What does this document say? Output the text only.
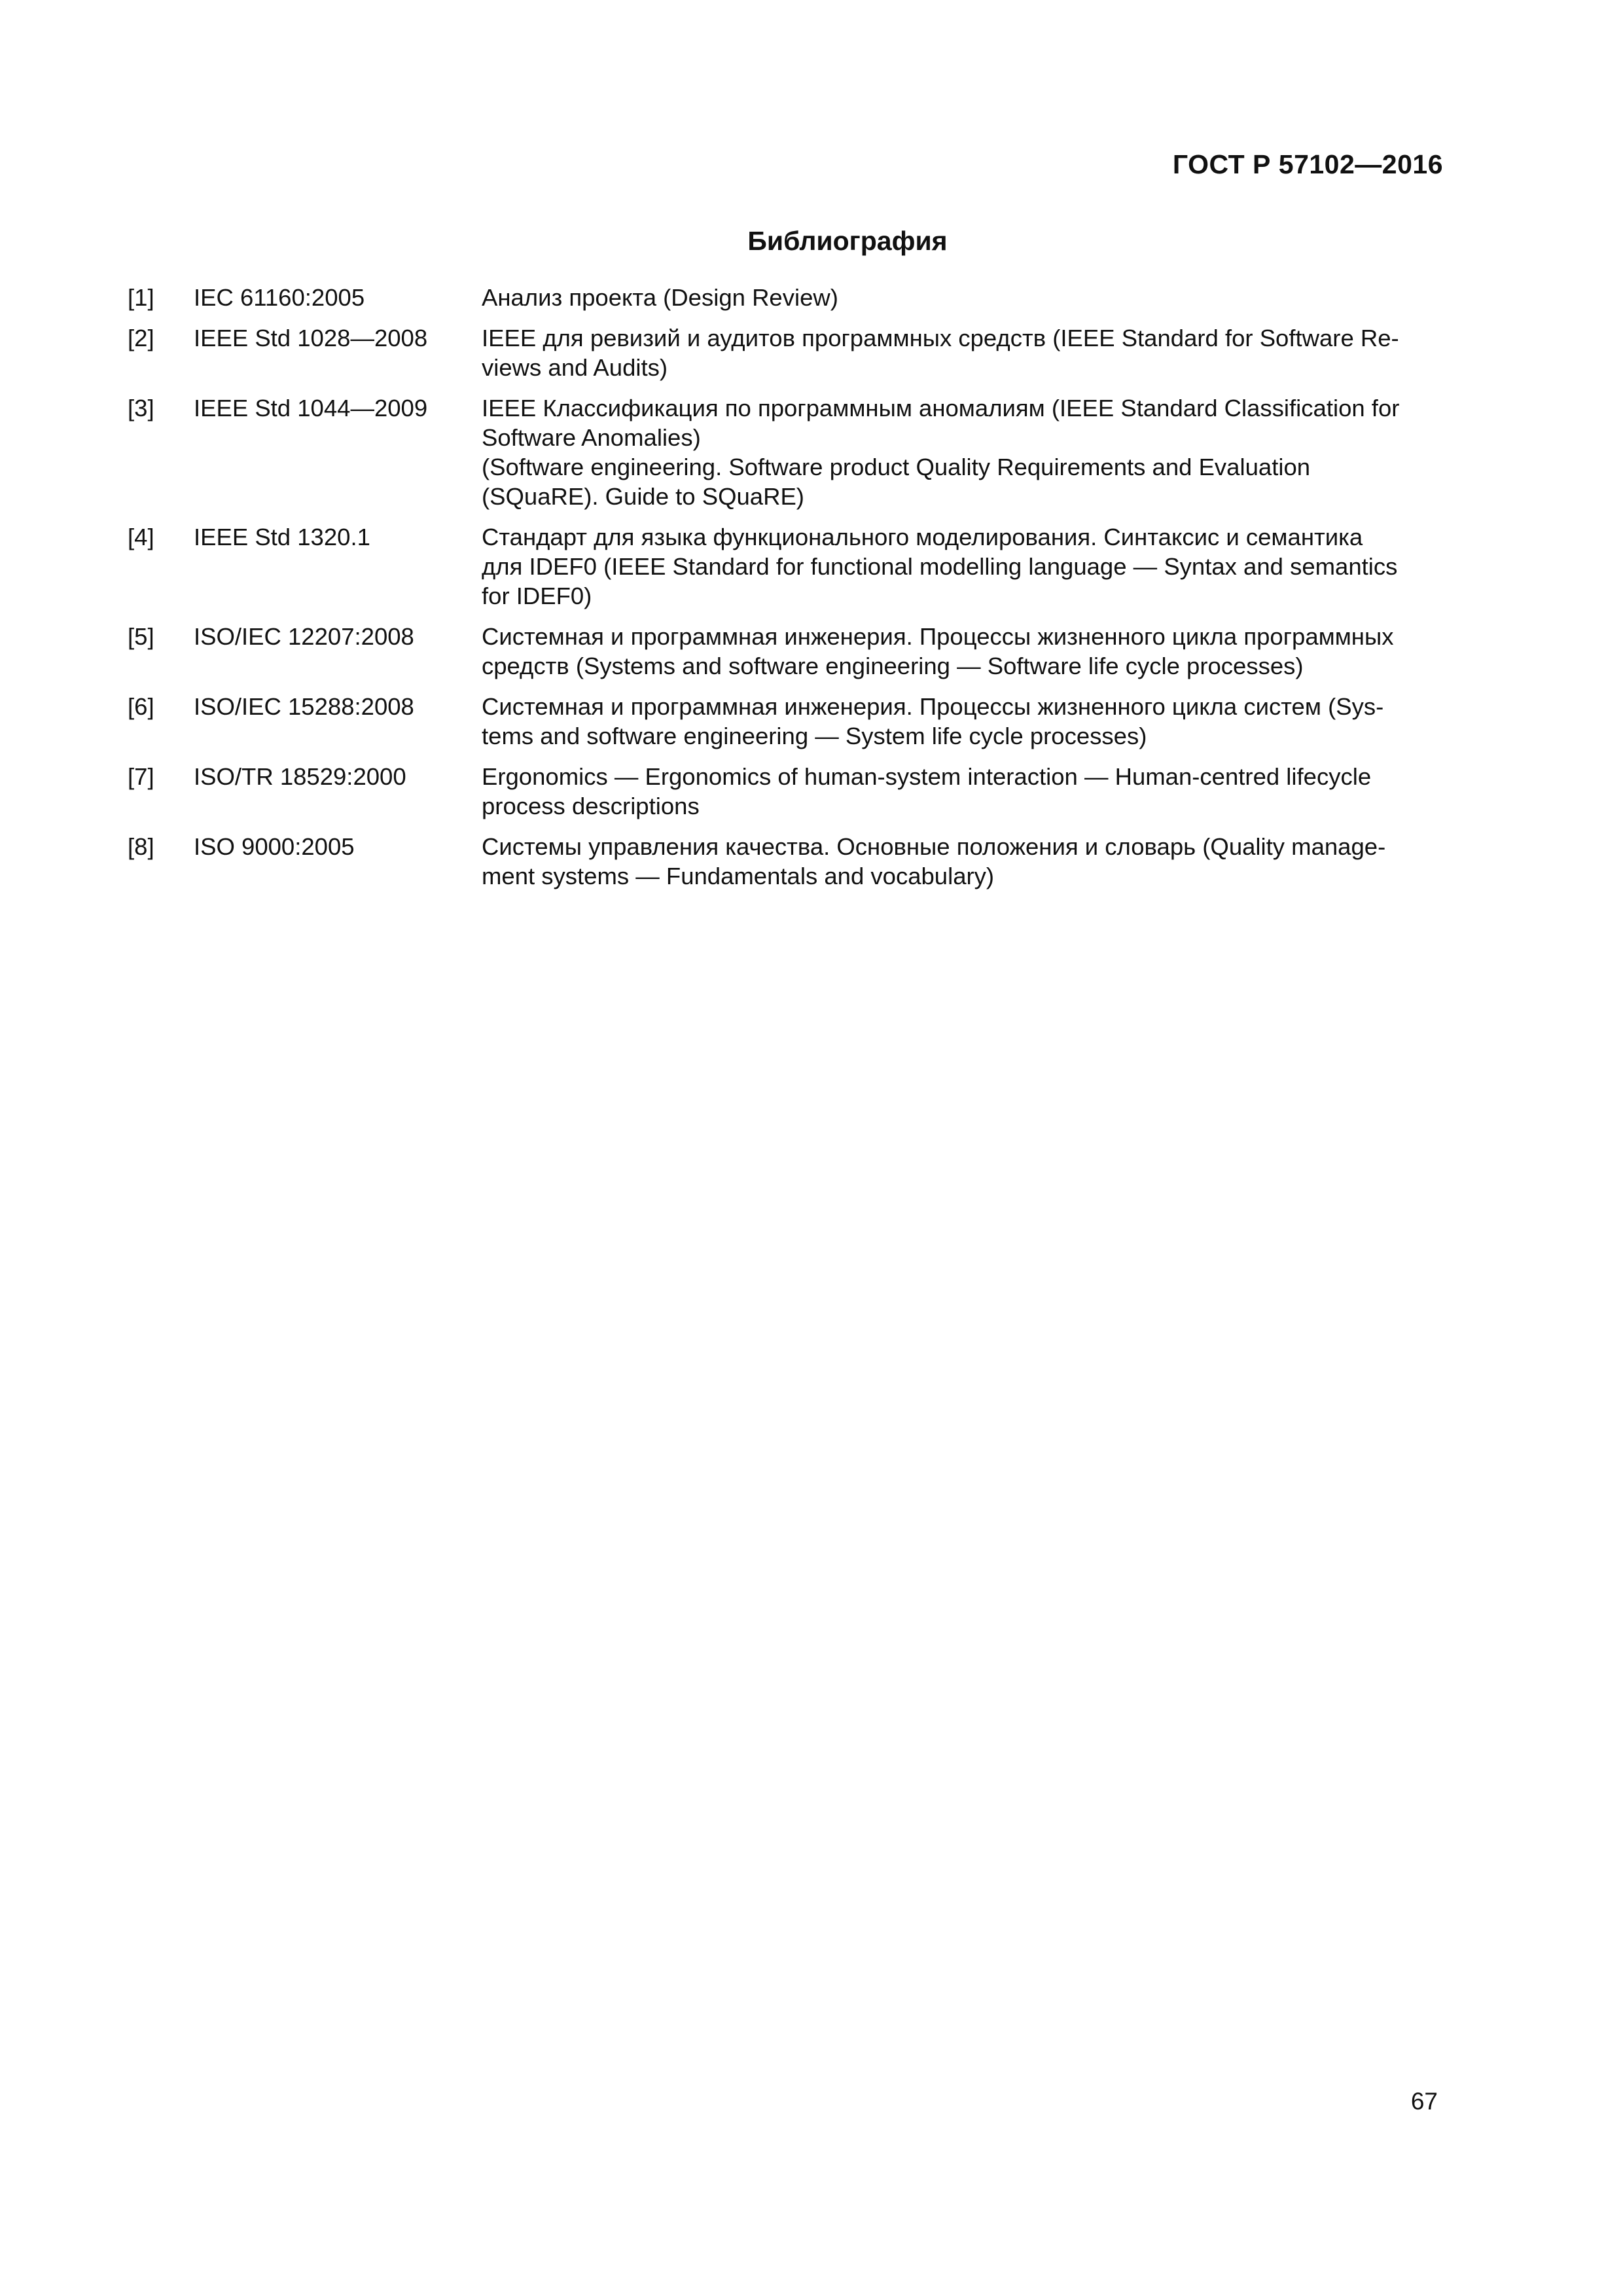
ГОСТ Р 57102—2016
Библиография
[1]	IEC 61160:2005	Анализ проекта (Design Review)

[2]	IEEE Std 1028—2008	IEEE для ревизий и аудитов программных средств (IEEE Standard for Software Re-
views and Audits)

[3]	IEEE Std 1044—2009	IEEE Классификация по программным аномалиям (IEEE Standard Classification for
Software Anomalies)
(Software engineering. Software product Quality Requirements and Evaluation
(SQuaRE). Guide to SQuaRE)

[4]	IEEE Std 1320.1	Стандарт для языка функционального моделирования. Синтаксис и семантика
для IDEF0 (IEEE Standard for functional modelling language — Syntax and semantics
for IDEF0)

[5]	ISO/IEC 12207:2008	Системная и программная инженерия. Процессы жизненного цикла программных
средств (Systems and software engineering — Software life cycle processes)

[6]	ISO/IEC 15288:2008	Системная и программная инженерия. Процессы жизненного цикла систем (Sys-
tems and software engineering — System life cycle processes)

[7]	ISO/TR 18529:2000	Ergonomics — Ergonomics of human-system interaction — Human-centred lifecycle
process descriptions

[8]	ISO 9000:2005	Системы управления качества. Основные положения и словарь (Quality manage-
ment systems — Fundamentals and vocabulary)
67
